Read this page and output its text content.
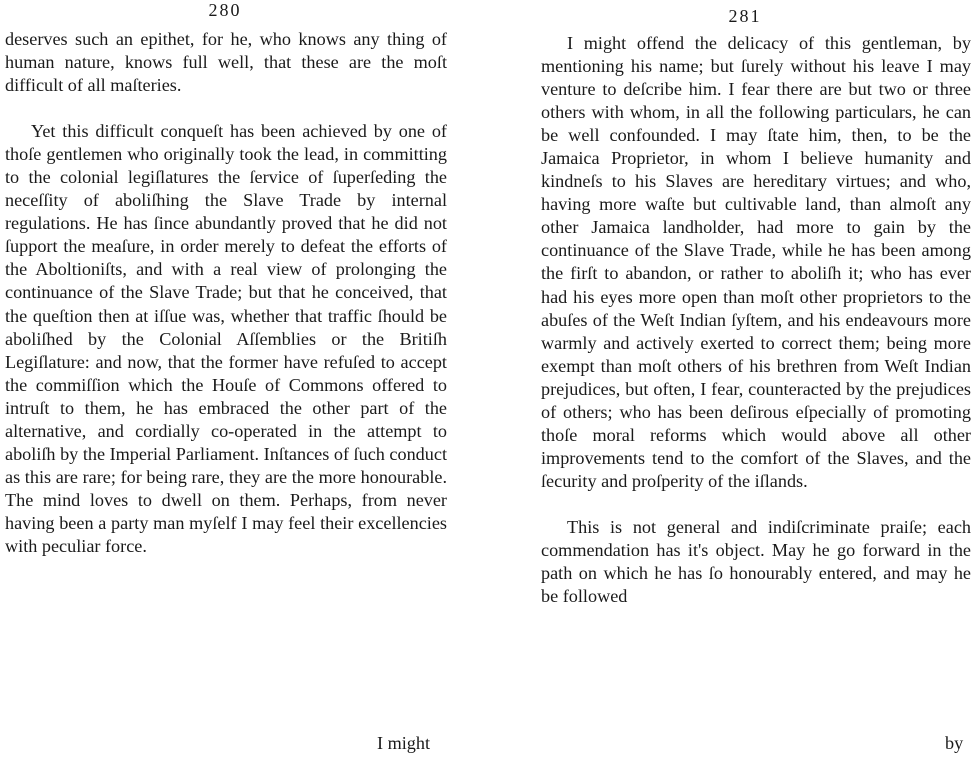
280

deserves such an epithet, for he, who knows any thing of human nature, knows full well, that these are the moſt difficult of all maſteries.

Yet this difficult conqueſt has been achieved by one of thoſe gentlemen who originally took the lead, in committing to the colonial legiſlatures the ſervice of ſuperſeding the neceſſity of aboliſhing the Slave Trade by internal regulations. He has ſince abundantly proved that he did not ſupport the meaſure, in order merely to defeat the efforts of the Aboltioniſts, and with a real view of prolonging the continuance of the Slave Trade; but that he conceived, that the queſtion then at iſſue was, whether that traffic ſhould be aboliſhed by the Colonial Aſſemblies or the Britiſh Legiſlature: and now, that the former have refuſed to accept the commiſſion which the Houſe of Commons offered to intruſt to them, he has embraced the other part of the alternative, and cordially co-operated in the attempt to aboliſh by the Imperial Parliament. Inſtances of ſuch conduct as this are rare; for being rare, they are the more honourable. The mind loves to dwell on them. Perhaps, from never having been a party man myſelf I may feel their excellencies with peculiar force.

I might
281

I might offend the delicacy of this gentleman, by mentioning his name; but ſurely without his leave I may venture to deſcribe him. I fear there are but two or three others with whom, in all the following particulars, he can be well confounded. I may ſtate him, then, to be the Jamaica Proprietor, in whom I believe humanity and kindneſs to his Slaves are hereditary virtues; and who, having more waſte but cultivable land, than almoſt any other Jamaica landholder, had more to gain by the continuance of the Slave Trade, while he has been among the firſt to abandon, or rather to aboliſh it; who has ever had his eyes more open than moſt other proprietors to the abuſes of the Weſt Indian ſyſtem, and his endeavours more warmly and actively exerted to correct them; being more exempt than moſt others of his brethren from Weſt Indian prejudices, but often, I fear, counteracted by the prejudices of others; who has been deſirous eſpecially of promoting thoſe moral reforms which would above all other improvements tend to the comfort of the Slaves, and the ſecurity and proſperity of the iſlands.

This is not general and indiſcriminate praiſe; each commendation has it's object. May he go forward in the path on which he has ſo honourably entered, and may he be followed

by
